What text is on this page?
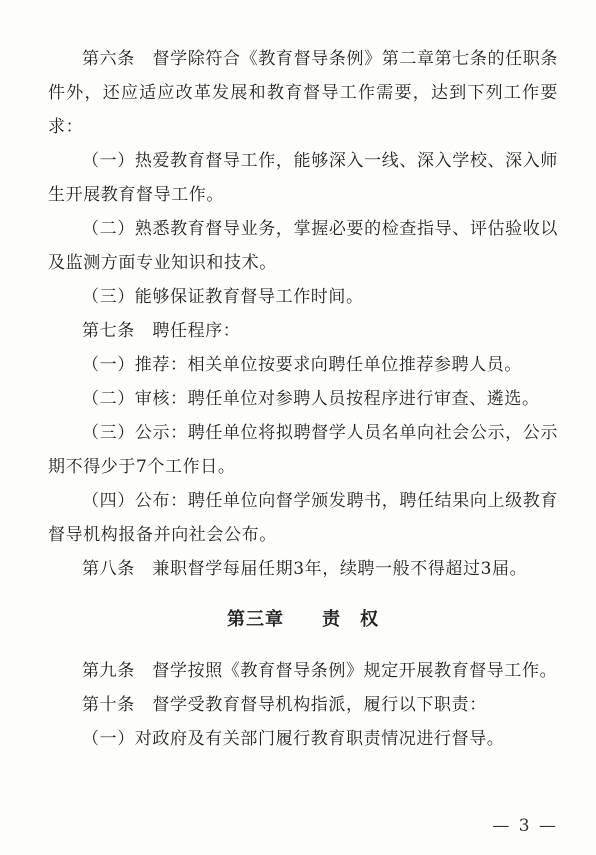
第六条　督学除符合《教育督导条例》第二章第七条的任职条件外，还应适应改革发展和教育督导工作需要，达到下列工作要求：

（一）热爱教育督导工作，能够深入一线、深入学校、深入师生开展教育督导工作。

（二）熟悉教育督导业务，掌握必要的检查指导、评估验收以及监测方面专业知识和技术。

（三）能够保证教育督导工作时间。

第七条　聘任程序：

（一）推荐：相关单位按要求向聘任单位推荐参聘人员。

（二）审核：聘任单位对参聘人员按程序进行审查、遴选。

（三）公示：聘任单位将拟聘督学人员名单向社会公示，公示期不得少于7个工作日。

（四）公布：聘任单位向督学颁发聘书，聘任结果向上级教育督导机构报备并向社会公布。

第八条　兼职督学每届任期3年，续聘一般不得超过3届。

第三章　　责　权

第九条　督学按照《教育督导条例》规定开展教育督导工作。

第十条　督学受教育督导机构指派，履行以下职责：

（一）对政府及有关部门履行教育职责情况进行督导。

— 3 —
